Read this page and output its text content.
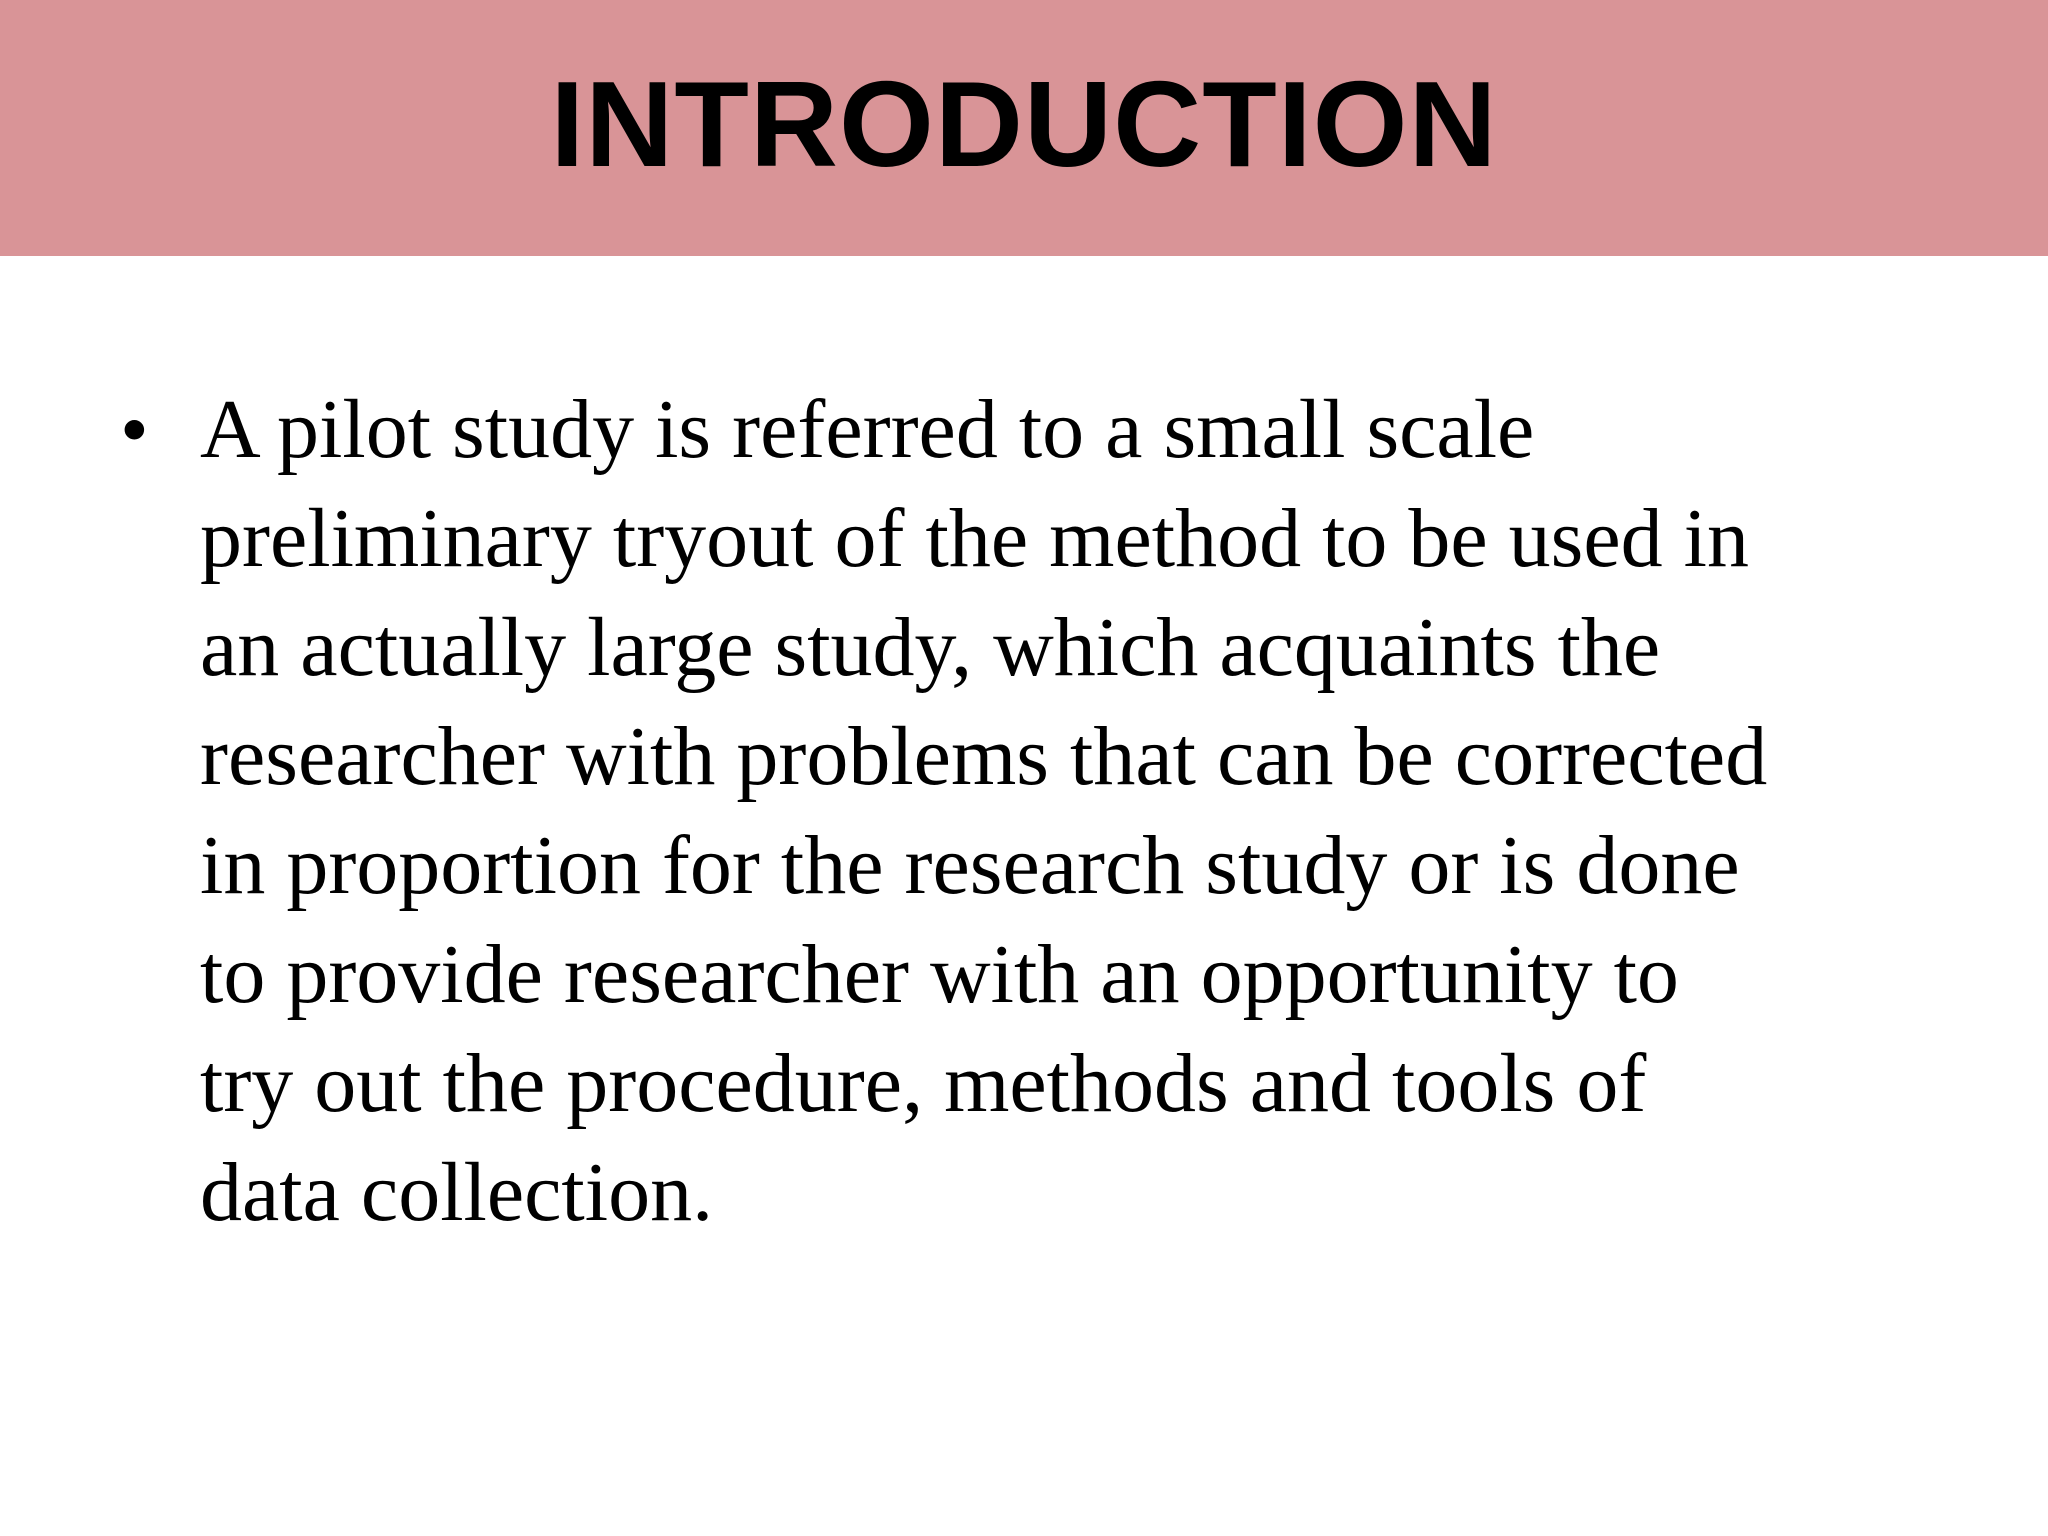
INTRODUCTION
• A pilot study is referred to a small scale
preliminary tryout of the method to be used in
an actually large study, which acquaints the
researcher with problems that can be corrected
in proportion for the research study or is done
to provide researcher with an opportunity to
try out the procedure, methods and tools of
data collection.
